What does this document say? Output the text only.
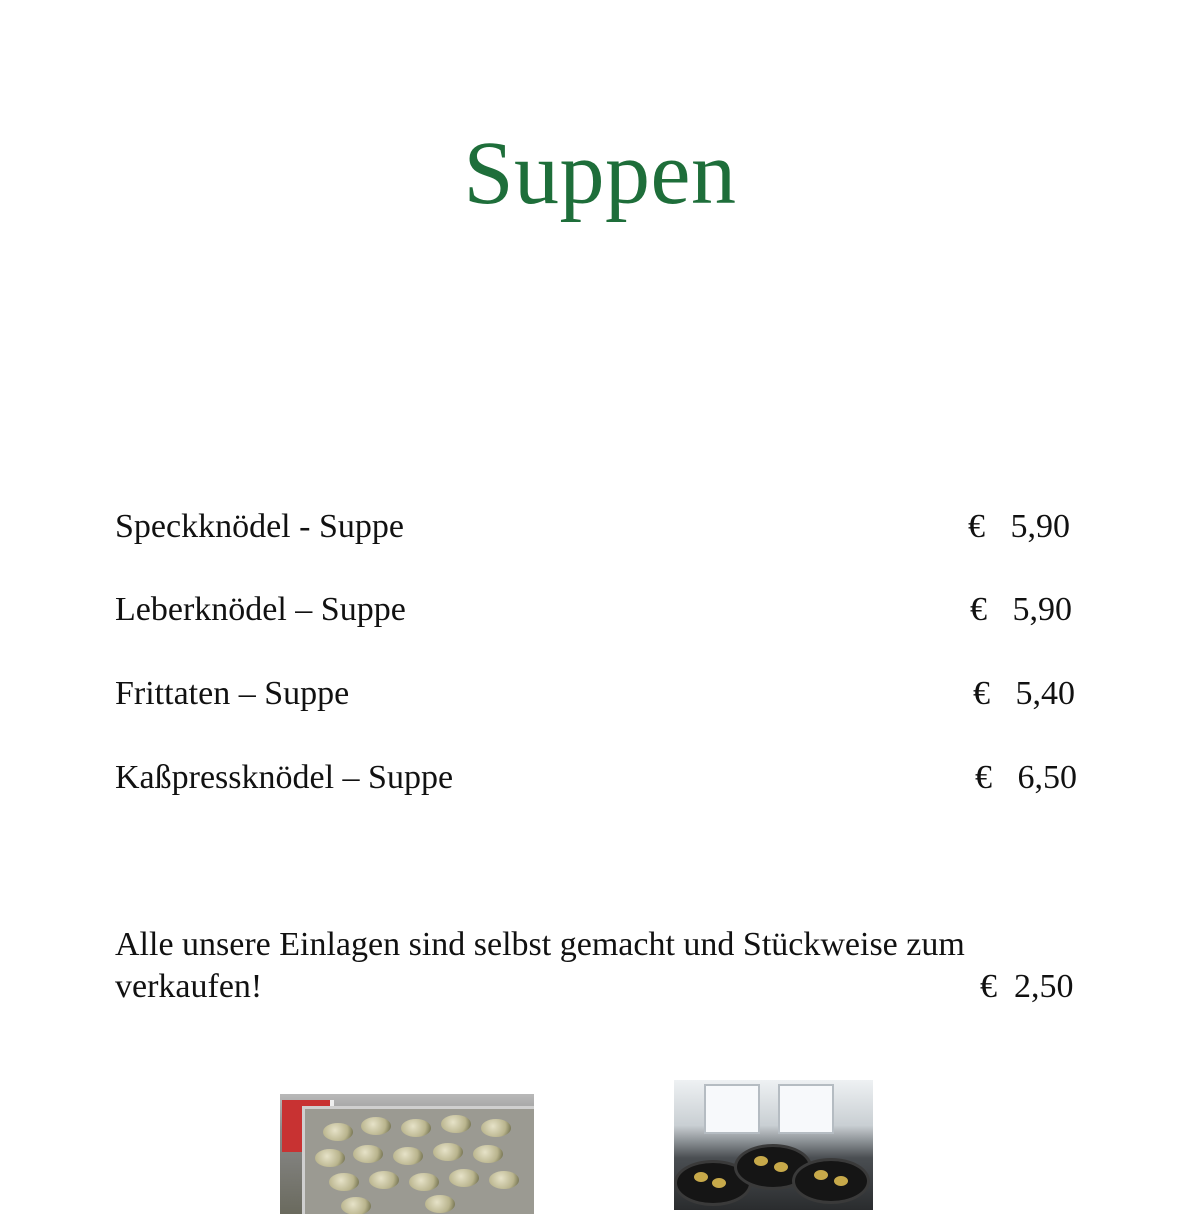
Suppen
Speckknödel - Suppe	€   5,90
Leberknödel – Suppe	€   5,90
Frittaten – Suppe	€   5,40
Kaßpressknödel – Suppe	€   6,50
Alle unsere Einlagen sind selbst gemacht und Stückweise zum
verkaufen!	€  2,50
